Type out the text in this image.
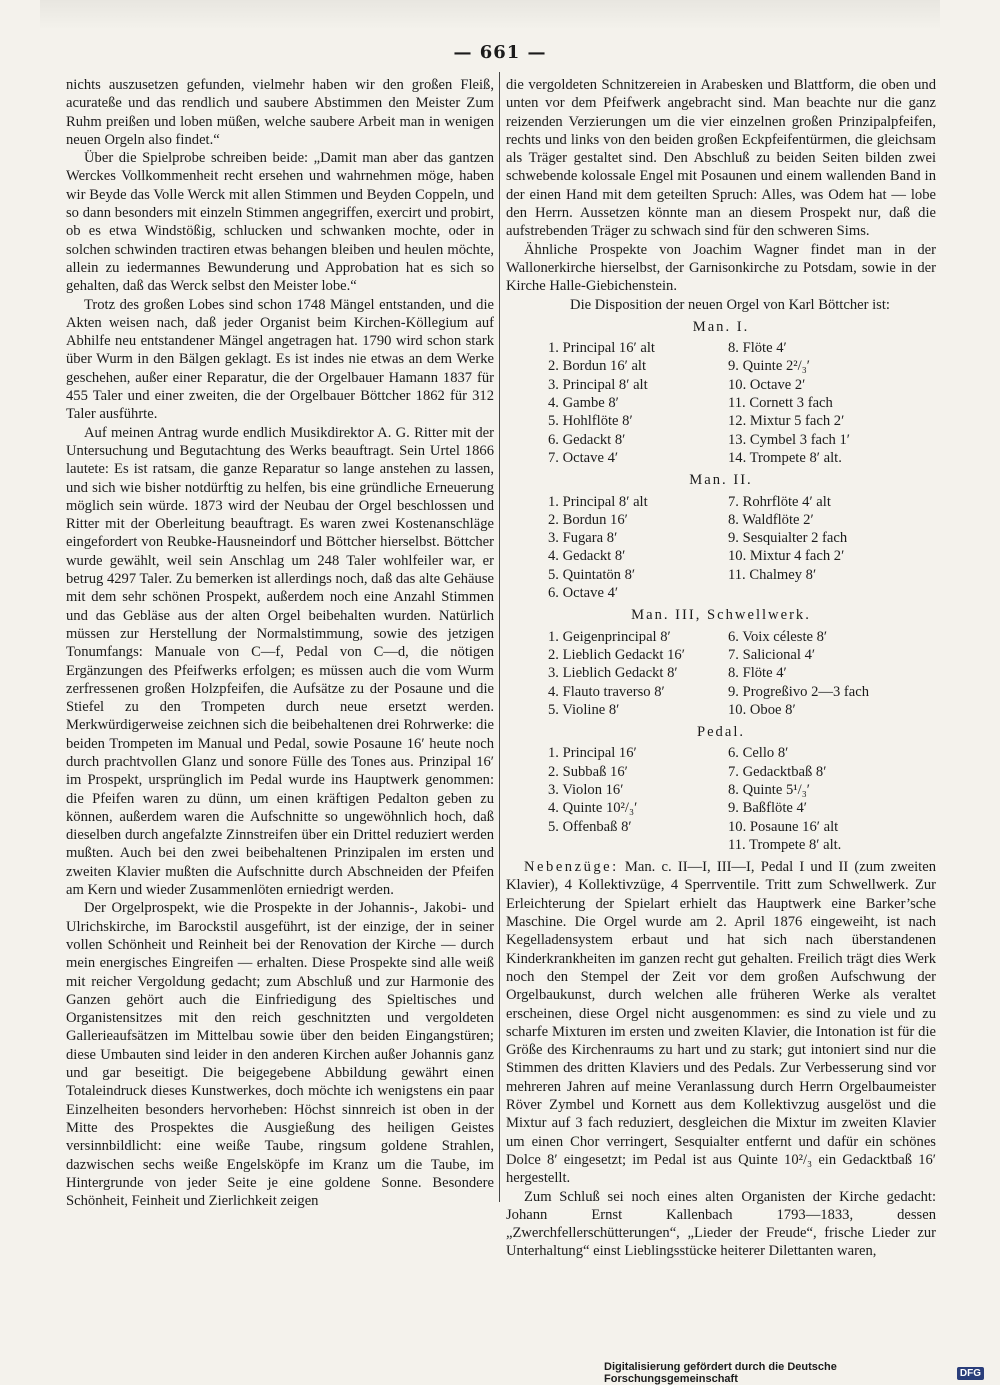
— 661 —

nichts auszusetzen gefunden, vielmehr haben wir den großen Fleiß, acurateße und das rendlich und saubere Abstimmen den Meister Zum Ruhm preißen und loben müßen, welche saubere Arbeit man in wenigen neuen Orgeln also findet.“

Über die Spielprobe schreiben beide: „Damit man aber das gantzen Werckes Vollkommenheit recht ersehen und wahrnehmen möge, haben wir Beyde das Volle Werck mit allen Stimmen und Beyden Coppeln, und so dann besonders mit einzeln Stimmen angegriffen, exercirt und probirt, ob es etwa Windstößig, schlucken und schwanken mochte, oder in solchen schwinden tractiren etwas behangen bleiben und heulen möchte, allein zu iedermannes Bewunderung und Approbation hat es sich so gehalten, daß das Werck selbst den Meister lobe.“

Trotz des großen Lobes sind schon 1748 Mängel entstanden, und die Akten weisen nach, daß jeder Organist beim Kirchen-Köllegium auf Abhilfe neu entstandener Mängel angetragen hat. 1790 wird schon stark über Wurm in den Bälgen geklagt. Es ist indes nie etwas an dem Werke geschehen, außer einer Reparatur, die der Orgelbauer Hamann 1837 für 455 Taler und einer zweiten, die der Orgelbauer Böttcher 1862 für 312 Taler ausführte.

Auf meinen Antrag wurde endlich Musikdirektor A. G. Ritter mit der Untersuchung und Begutachtung des Werks beauftragt. Sein Urtel 1866 lautete: Es ist ratsam, die ganze Reparatur so lange anstehen zu lassen, und sich wie bisher notdürftig zu helfen, bis eine gründliche Erneuerung möglich sein würde. 1873 wird der Neubau der Orgel beschlossen und Ritter mit der Oberleitung beauftragt. Es waren zwei Kostenanschläge eingefordert von Reubke-Hausneindorf und Böttcher hierselbst. Böttcher wurde gewählt, weil sein Anschlag um 248 Taler wohlfeiler war, er betrug 4297 Taler. Zu bemerken ist allerdings noch, daß das alte Gehäuse mit dem sehr schönen Prospekt, außerdem noch eine Anzahl Stimmen und das Gebläse aus der alten Orgel beibehalten wurden. Natürlich müssen zur Herstellung der Normalstimmung, sowie des jetzigen Tonumfangs: Manuale von C—f, Pedal von C—d, die nötigen Ergänzungen des Pfeifwerks erfolgen; es müssen auch die vom Wurm zerfressenen großen Holzpfeifen, die Aufsätze zu der Posaune und die Stiefel zu den Trompeten durch neue ersetzt werden. Merkwürdigerweise zeichnen sich die beibehaltenen drei Rohrwerke: die beiden Trompeten im Manual und Pedal, sowie Posaune 16′ heute noch durch prachtvollen Glanz und sonore Fülle des Tones aus. Prinzipal 16′ im Prospekt, ursprünglich im Pedal wurde ins Hauptwerk genommen: die Pfeifen waren zu dünn, um einen kräftigen Pedalton geben zu können, außerdem waren die Aufschnitte so ungewöhnlich hoch, daß dieselben durch angefalzte Zinnstreifen über ein Drittel reduziert werden mußten. Auch bei den zwei beibehaltenen Prinzipalen im ersten und zweiten Klavier mußten die Aufschnitte durch Abschneiden der Pfeifen am Kern und wieder Zusammenlöten erniedrigt werden.

Der Orgelprospekt, wie die Prospekte in der Johannis-, Jakobi- und Ulrichskirche, im Barockstil ausgeführt, ist der einzige, der in seiner vollen Schönheit und Reinheit bei der Renovation der Kirche — durch mein energisches Eingreifen — erhalten. Diese Prospekte sind alle weiß mit reicher Vergoldung gedacht; zum Abschluß und zur Harmonie des Ganzen gehört auch die Einfriedigung des Spieltisches und Organistensitzes mit den reich geschnitzten und vergoldeten Gallerieaufsätzen im Mittelbau sowie über den beiden Eingangstüren; diese Umbauten sind leider in den anderen Kirchen außer Johannis ganz und gar beseitigt. Die beigegebene Abbildung gewährt einen Totaleindruck dieses Kunstwerkes, doch möchte ich wenigstens ein paar Einzelheiten besonders hervorheben: Höchst sinnreich ist oben in der Mitte des Prospektes die Ausgießung des heiligen Geistes versinnbildlicht: eine weiße Taube, ringsum goldene Strahlen, dazwischen sechs weiße Engelsköpfe im Kranz um die Taube, im Hintergrunde von jeder Seite je eine goldene Sonne. Besondere Schönheit, Feinheit und Zierlichkeit zeigen

die vergoldeten Schnitzereien in Arabesken und Blattform, die oben und unten vor dem Pfeifwerk angebracht sind. Man beachte nur die ganz reizenden Verzierungen um die vier einzelnen großen Prinzipalpfeifen, rechts und links von den beiden großen Eckpfeifentürmen, die gleichsam als Träger gestaltet sind. Den Abschluß zu beiden Seiten bilden zwei schwebende kolossale Engel mit Posaunen und einem wallenden Band in der einen Hand mit dem geteilten Spruch: Alles, was Odem hat — lobe den Herrn. Aussetzen könnte man an diesem Prospekt nur, daß die aufstrebenden Träger zu schwach sind für den schweren Sims.

Ähnliche Prospekte von Joachim Wagner findet man in der Wallonerkirche hierselbst, der Garnisonkirche zu Potsdam, sowie in der Kirche Halle-Giebichenstein.

Die Disposition der neuen Orgel von Karl Böttcher ist:

Man. I.
1. Principal 16′ alt	8. Flöte 4′
2. Bordun 16′ alt	9. Quinte 2²/₃′
3. Principal 8′ alt	10. Octave 2′
4. Gambe 8′	11. Cornett 3 fach
5. Hohlflöte 8′	12. Mixtur 5 fach 2′
6. Gedackt 8′	13. Cymbel 3 fach 1′
7. Octave 4′	14. Trompete 8′ alt.
Man. II.
1. Principal 8′ alt	7. Rohrflöte 4′ alt
2. Bordun 16′	8. Waldflöte 2′
3. Fugara 8′	9. Sesquialter 2 fach
4. Gedackt 8′	10. Mixtur 4 fach 2′
5. Quintatön 8′	11. Chalmey 8′
6. Octave 4′
Man. III, Schwellwerk.
1. Geigenprincipal 8′	6. Voix céleste 8′
2. Lieblich Gedackt 16′	7. Salicional 4′
3. Lieblich Gedackt 8′	8. Flöte 4′
4. Flauto traverso 8′	9. Progreßivo 2—3 fach
5. Violine 8′	10. Oboe 8′
Pedal.
1. Principal 16′	6. Cello 8′
2. Subbaß 16′	7. Gedacktbaß 8′
3. Violon 16′	8. Quinte 5¹/₃′
4. Quinte 10²/₃′	9. Baßflöte 4′
5. Offenbaß 8′	10. Posaune 16′ alt
11. Trompete 8′ alt.

Nebenzüge: Man. c. II—I, III—I, Pedal I und II (zum zweiten Klavier), 4 Kollektivzüge, 4 Sperrventile. Tritt zum Schwellwerk. Zur Erleichterung der Spielart erhielt das Hauptwerk eine Barker’sche Maschine. Die Orgel wurde am 2. April 1876 eingeweiht, ist nach Kegelladensystem erbaut und hat sich nach überstandenen Kinderkrankheiten im ganzen recht gut gehalten. Freilich trägt dies Werk noch den Stempel der Zeit vor dem großen Aufschwung der Orgelbaukunst, durch welchen alle früheren Werke als veraltet erscheinen, diese Orgel nicht ausgenommen: es sind zu viele und zu scharfe Mixturen im ersten und zweiten Klavier, die Intonation ist für die Größe des Kirchenraums zu hart und zu stark; gut intoniert sind nur die Stimmen des dritten Klaviers und des Pedals. Zur Verbesserung sind vor mehreren Jahren auf meine Veranlassung durch Herrn Orgelbaumeister Röver Zymbel und Kornett aus dem Kollektivzug ausgelöst und die Mixtur auf 3 fach reduziert, desgleichen die Mixtur im zweiten Klavier um einen Chor verringert, Sesquialter entfernt und dafür ein schönes Dolce 8′ eingesetzt; im Pedal ist aus Quinte 10²/₃ ein Gedacktbaß 16′ hergestellt.

Zum Schluß sei noch eines alten Organisten der Kirche gedacht: Johann Ernst Kallenbach 1793—1833, dessen „Zwerchfellerschütterungen“, „Lieder der Freude“, frische Lieder zur Unterhaltung“ einst Lieblingsstücke heiterer Dilettanten waren,

Digitalisierung gefördert durch die Deutsche Forschungsgemeinschaft	DFG
